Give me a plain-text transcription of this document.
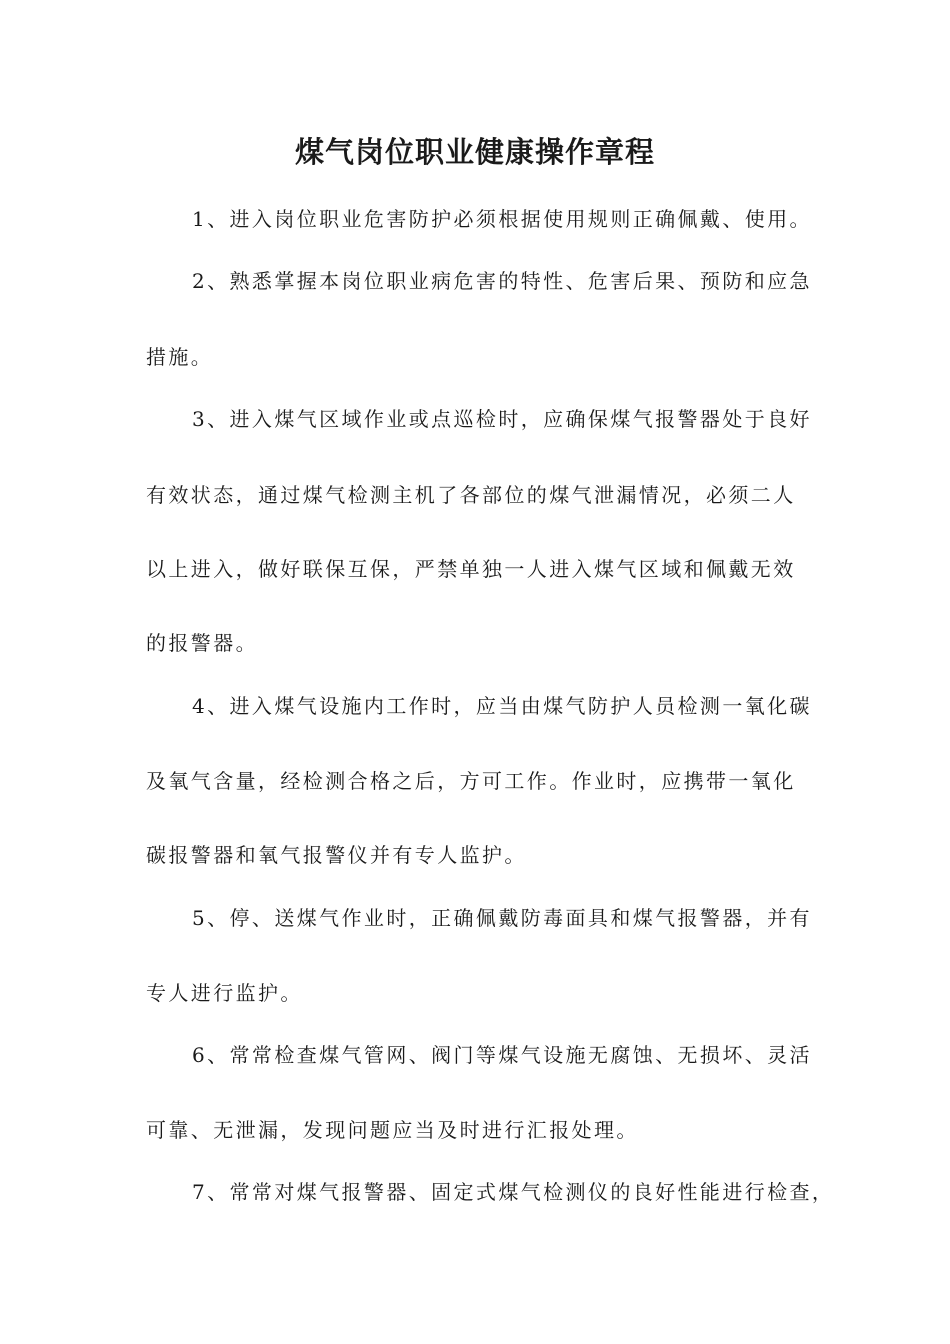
煤气岗位职业健康操作章程
1、进入岗位职业危害防护必须根据使用规则正确佩戴、使用。
2、熟悉掌握本岗位职业病危害的特性、危害后果、预防和应急
措施。
3、进入煤气区域作业或点巡检时，应确保煤气报警器处于良好
有效状态，通过煤气检测主机了各部位的煤气泄漏情况，必须二人
以上进入，做好联保互保，严禁单独一人进入煤气区域和佩戴无效
的报警器。
4、进入煤气设施内工作时，应当由煤气防护人员检测一氧化碳
及氧气含量，经检测合格之后，方可工作。作业时，应携带一氧化
碳报警器和氧气报警仪并有专人监护。
5、停、送煤气作业时，正确佩戴防毒面具和煤气报警器，并有
专人进行监护。
6、常常检查煤气管网、阀门等煤气设施无腐蚀、无损坏、灵活
可靠、无泄漏，发现问题应当及时进行汇报处理。
7、常常对煤气报警器、固定式煤气检测仪的良好性能进行检查，
